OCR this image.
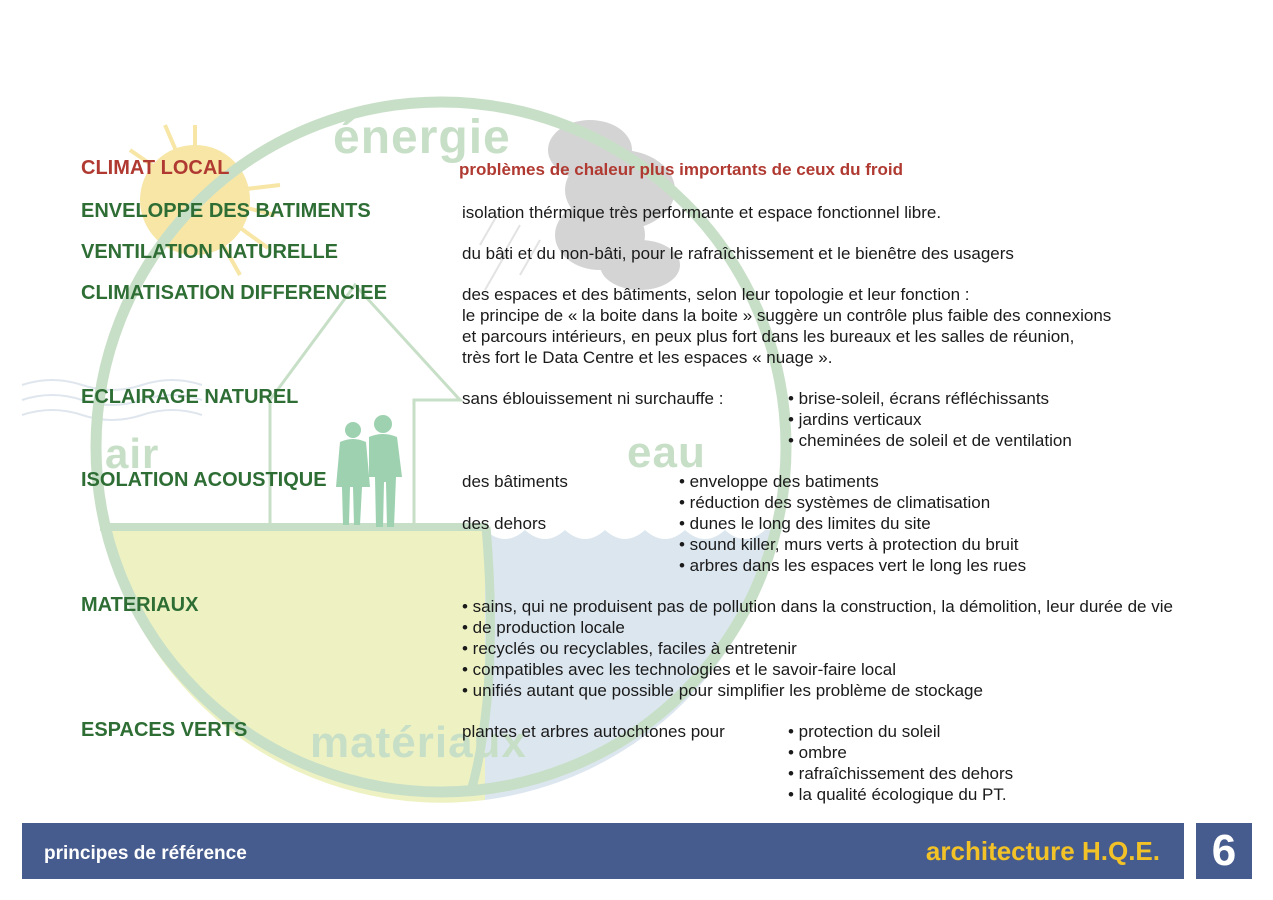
énergie
air	eau
matériaux
CLIMAT LOCAL	problèmes de chaleur plus importants de ceux du froid
ENVELOPPE DES BATIMENTS	isolation thérmique très performante et espace fonctionnel libre.
VENTILATION NATURELLE	du bâti et du non-bâti, pour le rafraîchissement et le bienêtre des usagers
CLIMATISATION DIFFERENCIEE	des espaces et des bâtiments, selon leur topologie et leur fonction :
le principe de « la boite dans la boite » suggère un contrôle plus faible des connexions
et parcours intérieurs, en peux plus fort dans les bureaux et les salles de réunion,
très fort le Data Centre et les espaces « nuage ».
ECLAIRAGE NATUREL	sans éblouissement ni surchauffe :	• brise-soleil, écrans réfléchissants
• jardins verticaux
• cheminées de soleil et de ventilation
ISOLATION ACOUSTIQUE	des bâtiments	• enveloppe des batiments
• réduction des systèmes de climatisation
des dehors	• dunes le long des limites du site
• sound killer, murs verts à protection du bruit
• arbres dans les espaces vert le long les rues
MATERIAUX	• sains, qui ne produisent pas de pollution dans la construction, la démolition, leur durée de vie
• de production locale
• recyclés ou recyclables, faciles à entretenir
• compatibles avec les technologies et le savoir-faire local
• unifiés autant que possible pour simplifier les problème de stockage
ESPACES VERTS	plantes et arbres autochtones pour	• protection du soleil
• ombre
• rafraîchissement des dehors
• la qualité écologique du PT.
principes de référence	architecture H.Q.E.	6
